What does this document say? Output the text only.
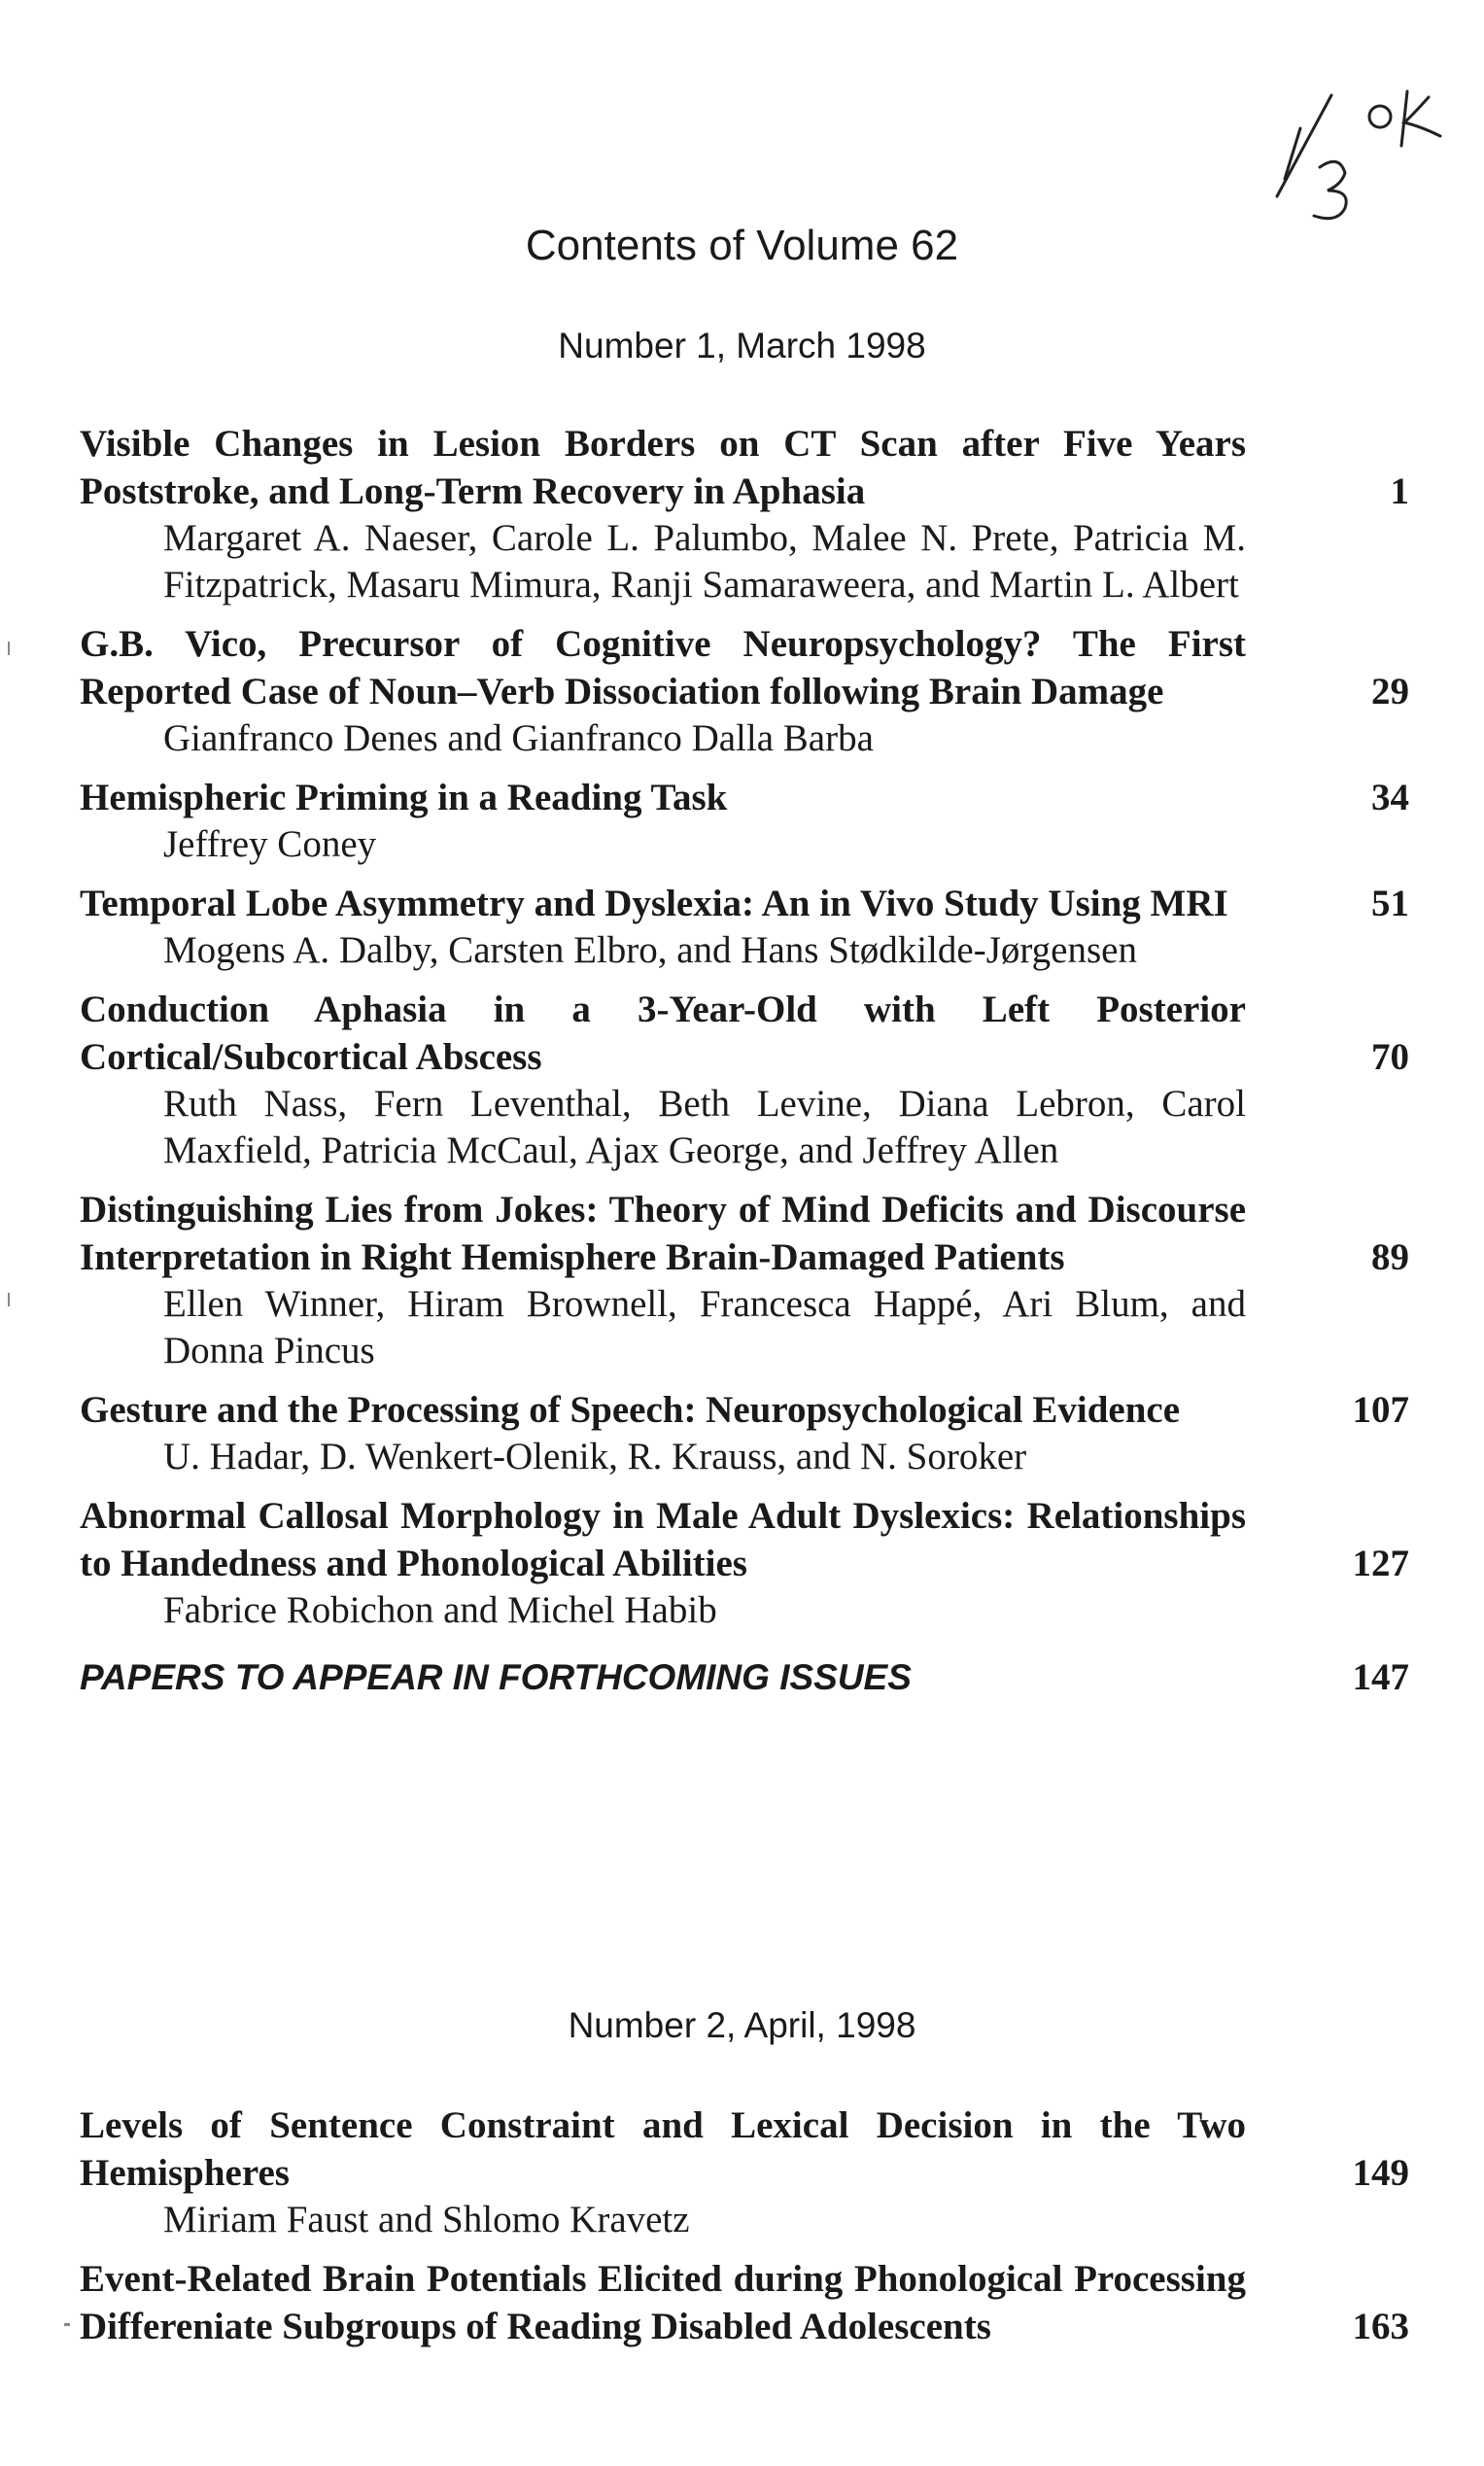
Contents of Volume 62
Number 1, March 1998
Visible Changes in Lesion Borders on CT Scan after Five Years Poststroke, and Long-Term Recovery in Aphasia	1
Margaret A. Naeser, Carole L. Palumbo, Malee N. Prete, Patricia M. Fitzpatrick, Masaru Mimura, Ranji Samaraweera, and Martin L. Albert
G.B. Vico, Precursor of Cognitive Neuropsychology? The First Reported Case of Noun–Verb Dissociation following Brain Damage	29
Gianfranco Denes and Gianfranco Dalla Barba
Hemispheric Priming in a Reading Task	34
Jeffrey Coney
Temporal Lobe Asymmetry and Dyslexia: An in Vivo Study Using MRI	51
Mogens A. Dalby, Carsten Elbro, and Hans Stødkilde-Jørgensen
Conduction Aphasia in a 3-Year-Old with Left Posterior Cortical/Subcortical Abscess	70
Ruth Nass, Fern Leventhal, Beth Levine, Diana Lebron, Carol Maxfield, Patricia McCaul, Ajax George, and Jeffrey Allen
Distinguishing Lies from Jokes: Theory of Mind Deficits and Discourse Interpretation in Right Hemisphere Brain-Damaged Patients	89
Ellen Winner, Hiram Brownell, Francesca Happé, Ari Blum, and Donna Pincus
Gesture and the Processing of Speech: Neuropsychological Evidence	107
U. Hadar, D. Wenkert-Olenik, R. Krauss, and N. Soroker
Abnormal Callosal Morphology in Male Adult Dyslexics: Relationships to Handedness and Phonological Abilities	127
Fabrice Robichon and Michel Habib
PAPERS TO APPEAR IN FORTHCOMING ISSUES	147
Number 2, April, 1998
Levels of Sentence Constraint and Lexical Decision in the Two Hemispheres	149
Miriam Faust and Shlomo Kravetz
Event-Related Brain Potentials Elicited during Phonological Processing Differeniate Subgroups of Reading Disabled Adolescents	163
